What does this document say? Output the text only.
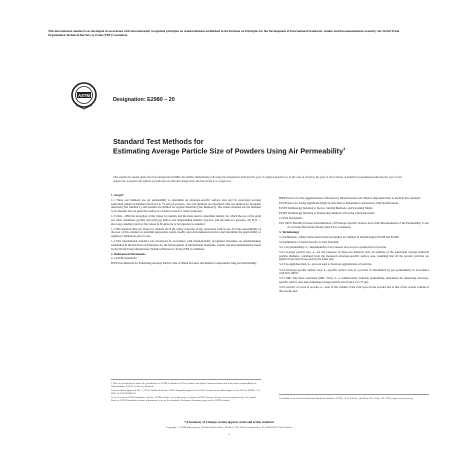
This international standard was developed in accordance with internationally recognized principles on standardization established in the Decision on Principles for the Development of International Standards, Guides and Recommendations issued by the World Trade Organization Technical Barriers to Trade (TBT) Committee.
ASTM
Designation: E2980 – 20
Standard Test Methods for
Estimating Average Particle Size of Powders Using Air Permeability$^1$
This standard is issued under the fixed designation E2980; the number immediately following the designation indicates the year of original adoption or, in the case of revision, the year of last revision. A number in parentheses indicates the year of last reapproval. A superscript epsilon (ε) indicates an editorial change since the last revision or reapproval.
1. Scope*

1.1 These test methods use air permeability to determine an envelope-specific surface area and its associated average equivalent spherical diameter (from 0.2 to 75 µm) of powders. Two test methods are described: One test method for inorganic materials (Test Method 1), and another test method for organic materials (Test Method 2). The values obtained are not intended to be absolute but are generally useful on a relative basis for control purposes.

1.2 Units—With the exception of the values for density and the mass used to determine density, for which the use of the gram per cubic centimeter (g/cm³) and gram (g) units is the longstanding industry practice; and the units for pressure, cm H₂O — also long-standing practice; the values in SI units are to be regarded as standard.

1.3 This standard does not purport to address all of the safety concerns, if any, associated with its use. It is the responsibility of the user of this standard to establish appropriate safety, health, and environmental practices and determine the applicability of regulatory limitations prior to use.

1.4 This international standard was developed in accordance with internationally recognized principles on standardization established in the Decision on Principles for the Development of International Standards, Guides and Recommendations issued by the World Trade Organization Technical Barriers to Trade (TBT) Committee.

2. Referenced Documents

2.1 ASTM Standards:²

B330 Test Methods for Estimating Average Particle Size of Metal Powders and Related Compounds Using Air Permeability

¹ These test methods are under the jurisdiction of ASTM Committee E29 on Particle and Spray Characterization and is the direct responsibility of Subcommittee E29.01 on Sieves, Methods.

Current edition approved Oct. 1, 2020. Published October 2020. Originally approved in 2014. Last previous edition approved in 2014 as E2980 – 14. DOI: 10.1520/E2980-20.

² For referenced ASTM standards, visit the ASTM website, www.astm.org, or contact ASTM Customer Service at service@astm.org. For Annual Book of ASTM Standards volume information, refer to the standard's Document Summary page on the ASTM website.

B859 Practice for De-Agglomeration of Refractory Metal Powders and Their Compounds Prior to Particle Size Analysis

E29 Practice for Using Significant Digits in Test Data to Determine Conformance with Specifications

E1638 Terminology Relating to Sieves, Sieving Methods, and Screening Media

E2589 Terminology Relating to Nonsieving Methods of Powder Characterization

2.2 ISO Document:³

ISO 10070 Metallic Powders Determination of Envelope-Specific Surface Area from Measurements of the Permeability to Air of a Powder Bed Under Steady-State Flow Conditions

3. Terminology

3.1 Definitions—Many terms used in this test method are defined in Terminologies E1638 and E2589.

3.2 Definitions of Terms Specific to This Standard:

3.2.1 air permeability, n—measurement of air pressure drop across a packed bed of powder.

3.2.2 average particle size, n—for the purposes of these test methods only, an estimate of the equivalent average spherical particle diameter, calculated from the measured envelope-specific surface area, assuming that all the powder particles are spherical and that all are exactly the same size.

3.2.3 de-agglomeration, n—process used to break up agglomerates of particles.

3.2.4 envelope-specific surface area, n—specific surface area of a powder as determined by gas permeametry in accordance with ISO 10070.

3.2.5 MIC Sub-Sieve AutoSizer (MIC SAS), n—a commercially available permeability instrument for measuring envelope-specific surface area and estimating average particle size from 0.2 to 75 µm.

3.2.6 porosity of a bed of powder, n—ratio of the volume of the void space in the powder bed to that of the overall volume of the powder bed.

³ Available from American National Standards Institute (ANSI), 25 W. 43rd St., 4th Floor, New York, NY 10036, http://www.ansi.org.

*A Summary of Changes section appears at the end of this standard
Copyright © ASTM International, 100 Barr Harbor Drive, PO Box C700, West Conshohocken, PA 19428-2959. United States
1
